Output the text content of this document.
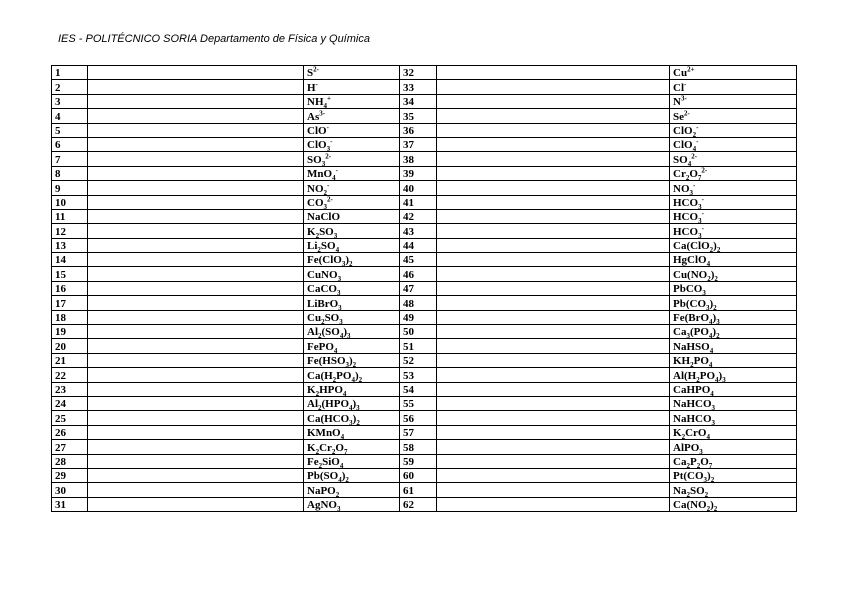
IES - POLITÉCNICO SORIA Departamento de Física y Química
1		$S^{2-}$	32		$Cu^{2+}$
2		H-	33		Cl-
3		$NH_4^+$	34		$N^{3-}$
4		$As^{3-}$	35		$Se^{2-}$
5		ClO-	36		ClO$_2$-
6		ClO$_3$-	37		ClO$_4$-
7		$SO_3^{2-}$	38		$SO_4^{2-}$
8		MnO$_4$-	39		$Cr_2O_7^{2-}$
9		$NO_2^-$	40		$NO_3^-$
10		$CO_3^{2-}$	41		$HCO_3^-$
11		NaClO	42		$HCO_3^-$
12		$K_2SO_3$	43		$HCO_3^-$
13		$Li_2SO_4$	44		$Ca(ClO_2)_2$
14		$Fe(ClO_3)_2$	45		HgClO$_4$
15		CuNO$_3$	46		$Cu(NO_2)_2$
16		CaCO$_3$	47		PbCO$_3$
17		LiBrO$_3$	48		$Pb(CO_3)_2$
18		$Cu_2SO_3$	49		$Fe(BrO_4)_3$
19		$Al_2(SO_4)_3$	50		$Ca_3(PO_4)_2$
20		FePO$_4$	51		NaHSO$_4$
21		$Fe(HSO_3)_2$	52		$KH_2PO_4$
22		$Ca(H_2PO_4)_2$	53		$Al(H_2PO_4)_3$
23		$K_2HPO_4$	54		CaHPO$_4$
24		$Al_2(HPO_4)_3$	55		NaHCO$_3$
25		$Ca(HCO_3)_2$	56		NaHCO$_3$
26		KMnO$_4$	57		$K_2CrO_4$
27		$K_2Cr_2O_7$	58		AlPO$_3$
28		$Fe_2SiO_4$	59		$Ca_2P_2O_7$
29		$Pb(SO_4)_2$	60		$Pt(CO_3)_2$
30		NaPO$_2$	61		$Na_2SO_2$
31		AgNO$_3$	62		$Ca(NO_2)_2$
